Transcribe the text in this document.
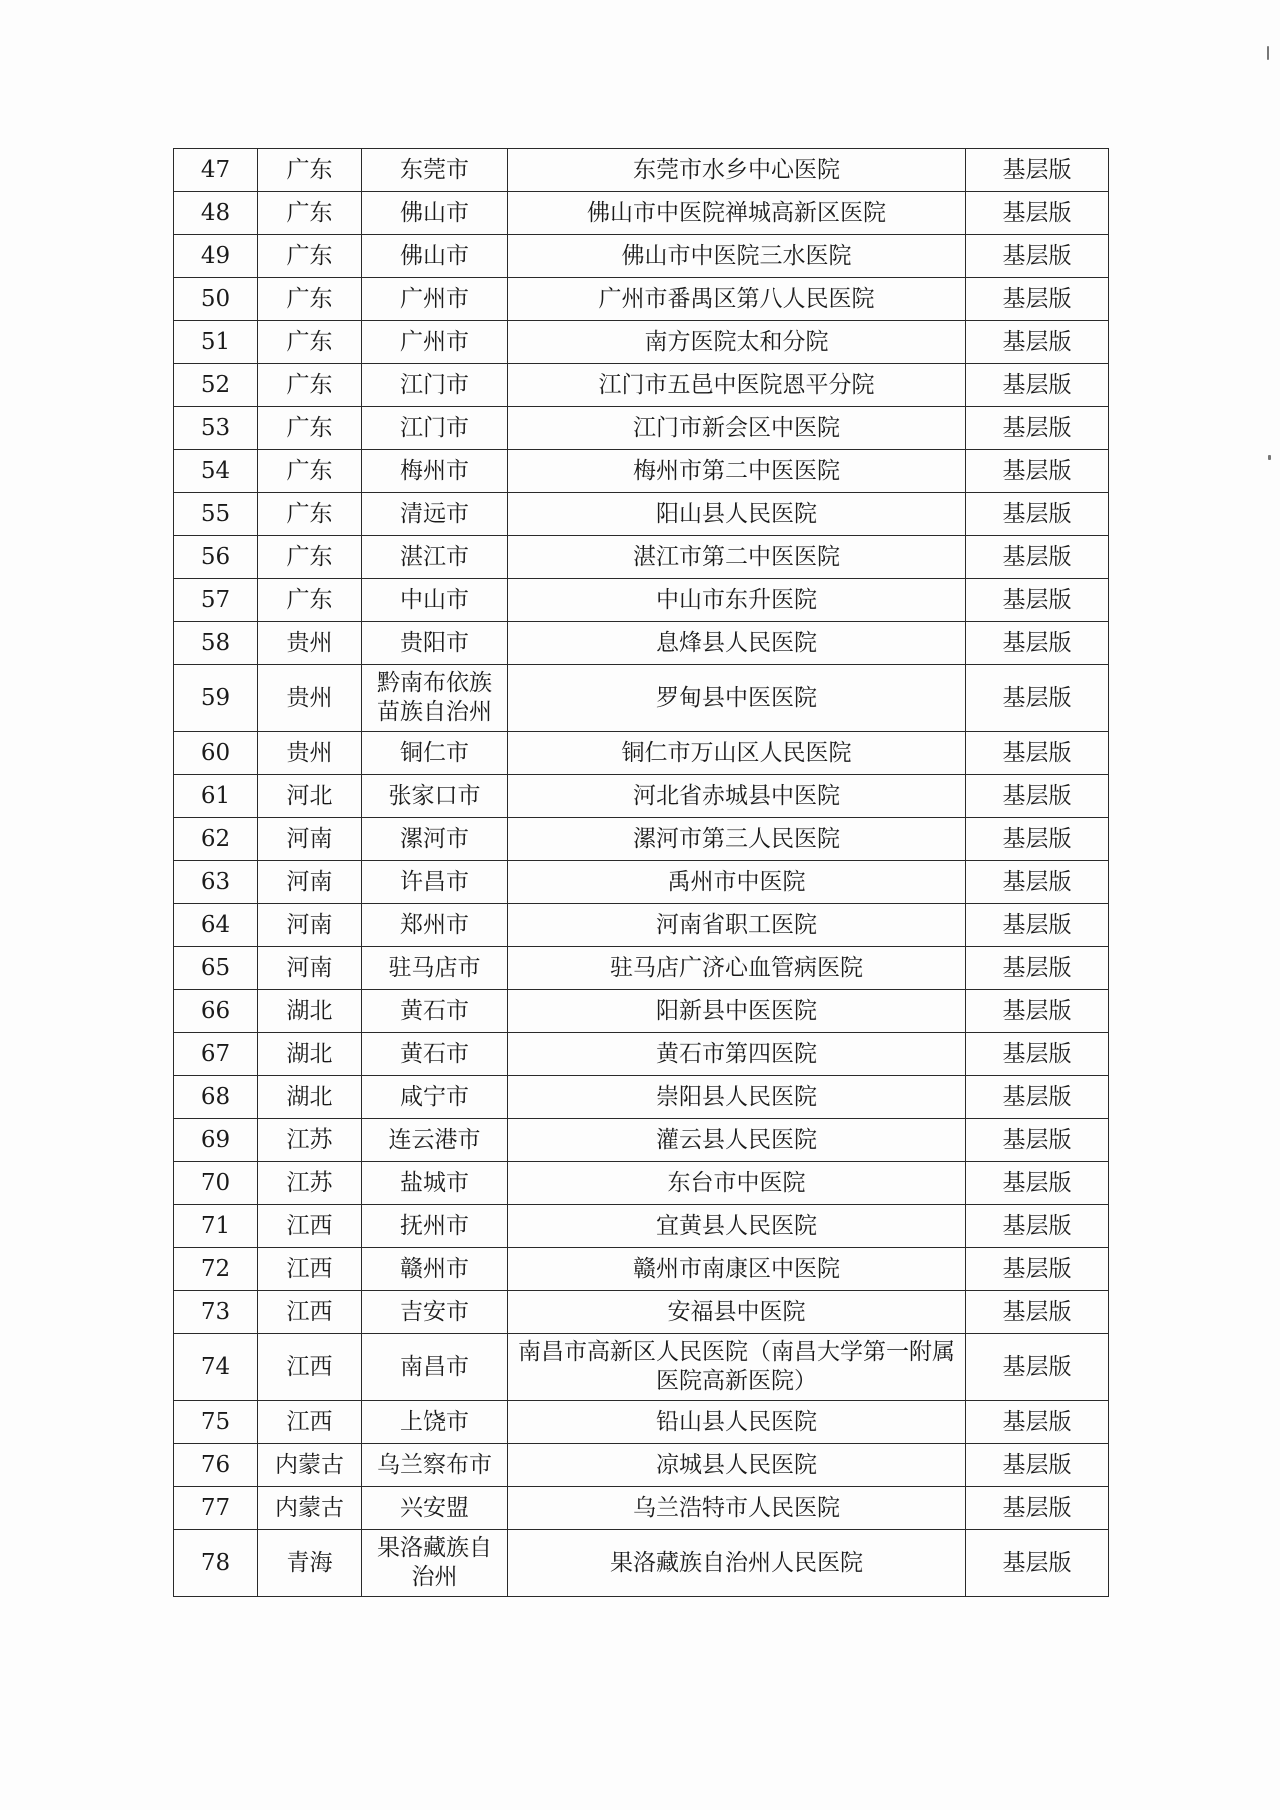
47	广东	东莞市	东莞市水乡中心医院	基层版
48	广东	佛山市	佛山市中医院禅城高新区医院	基层版
49	广东	佛山市	佛山市中医院三水医院	基层版
50	广东	广州市	广州市番禺区第八人民医院	基层版
51	广东	广州市	南方医院太和分院	基层版
52	广东	江门市	江门市五邑中医院恩平分院	基层版
53	广东	江门市	江门市新会区中医院	基层版
54	广东	梅州市	梅州市第二中医医院	基层版
55	广东	清远市	阳山县人民医院	基层版
56	广东	湛江市	湛江市第二中医医院	基层版
57	广东	中山市	中山市东升医院	基层版
58	贵州	贵阳市	息烽县人民医院	基层版
59	贵州	黔南布依族苗族自治州	罗甸县中医医院	基层版
60	贵州	铜仁市	铜仁市万山区人民医院	基层版
61	河北	张家口市	河北省赤城县中医院	基层版
62	河南	漯河市	漯河市第三人民医院	基层版
63	河南	许昌市	禹州市中医院	基层版
64	河南	郑州市	河南省职工医院	基层版
65	河南	驻马店市	驻马店广济心血管病医院	基层版
66	湖北	黄石市	阳新县中医医院	基层版
67	湖北	黄石市	黄石市第四医院	基层版
68	湖北	咸宁市	崇阳县人民医院	基层版
69	江苏	连云港市	灌云县人民医院	基层版
70	江苏	盐城市	东台市中医院	基层版
71	江西	抚州市	宜黄县人民医院	基层版
72	江西	赣州市	赣州市南康区中医院	基层版
73	江西	吉安市	安福县中医院	基层版
74	江西	南昌市	南昌市高新区人民医院（南昌大学第一附属医院高新医院）	基层版
75	江西	上饶市	铅山县人民医院	基层版
76	内蒙古	乌兰察布市	凉城县人民医院	基层版
77	内蒙古	兴安盟	乌兰浩特市人民医院	基层版
78	青海	果洛藏族自治州	果洛藏族自治州人民医院	基层版
